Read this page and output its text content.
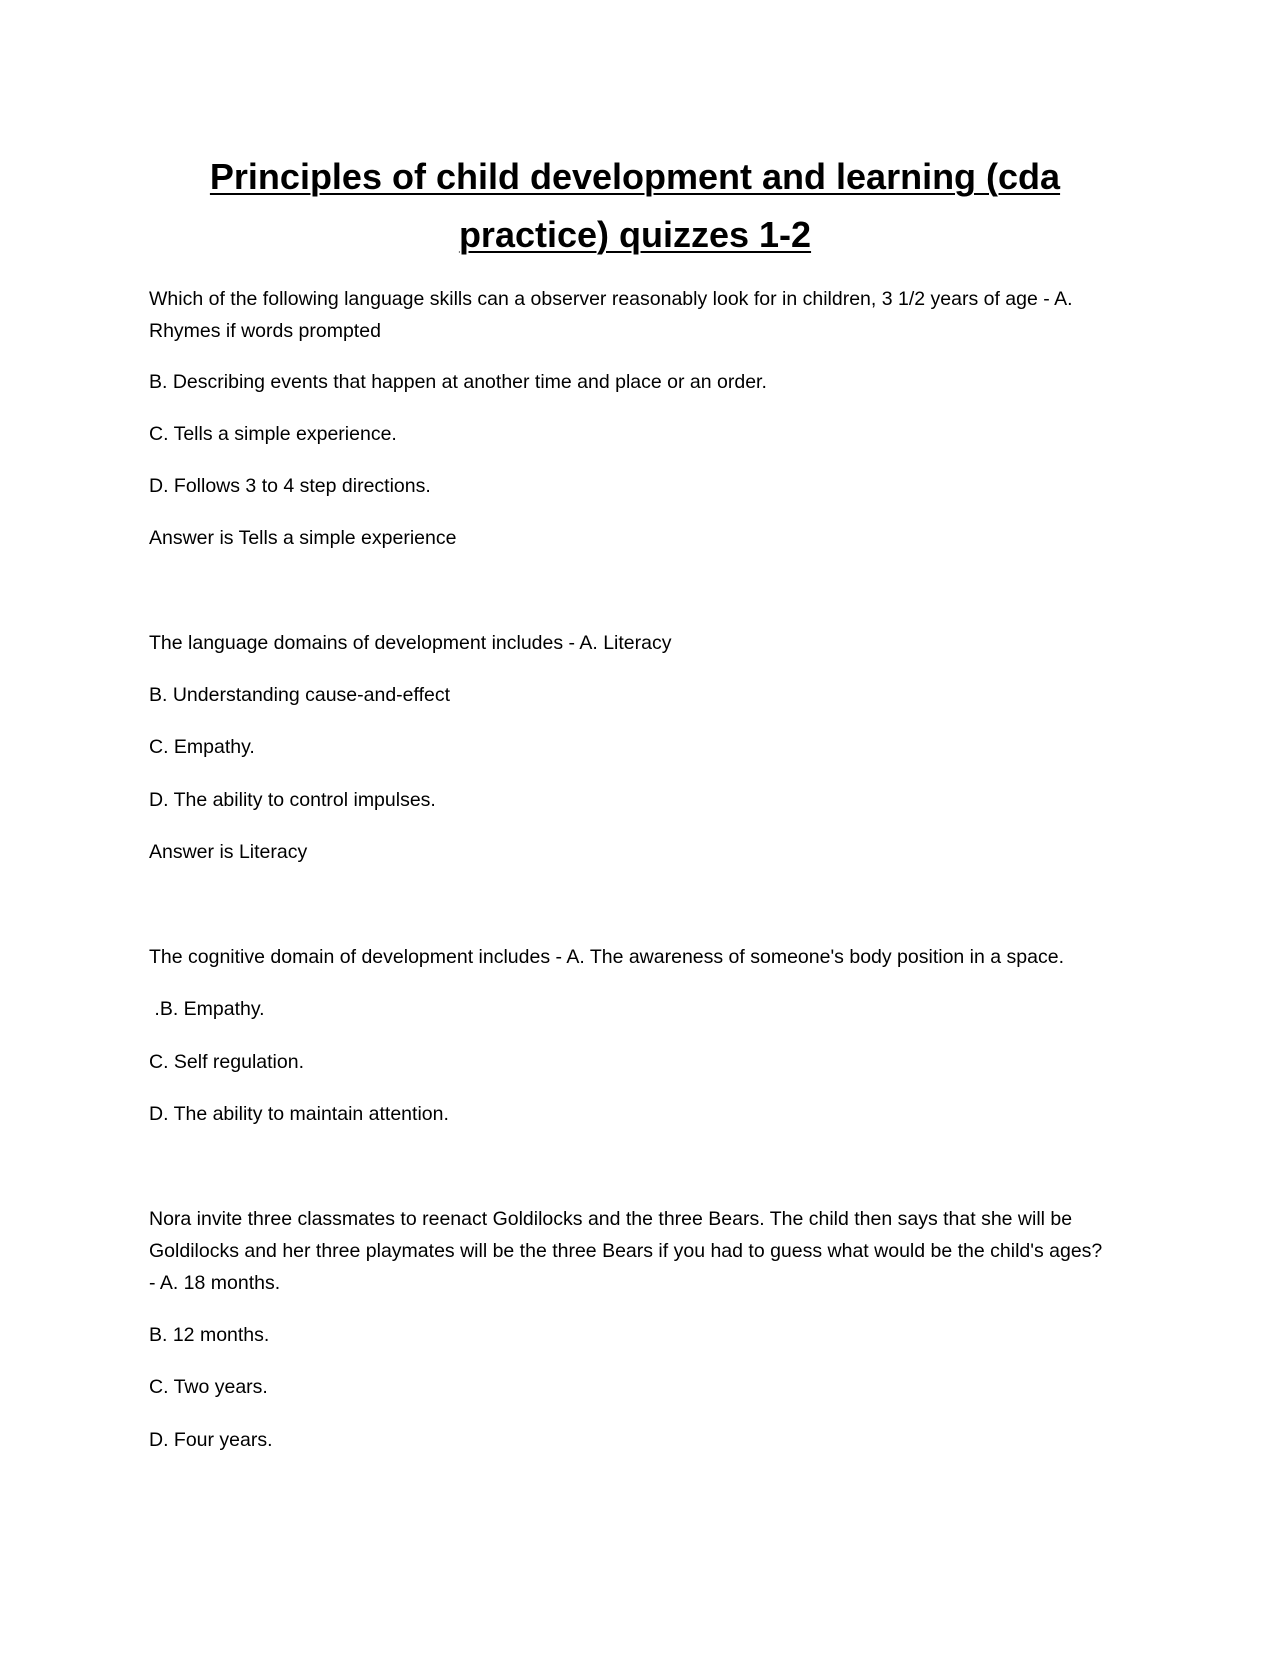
Principles of child development and learning (cda practice) quizzes 1-2

Which of the following language skills can a observer reasonably look for in children, 3 1/2 years of age - A. Rhymes if words prompted

B. Describing events that happen at another time and place or an order.

C. Tells a simple experience.

D. Follows 3 to 4 step directions.

Answer is Tells a simple experience

The language domains of development includes - A. Literacy

B. Understanding cause-and-effect

C. Empathy.

D. The ability to control impulses.

Answer is Literacy

The cognitive domain of development includes - A. The awareness of someone's body position in a space.

.B. Empathy.

C. Self regulation.

D. The ability to maintain attention.

Nora invite three classmates to reenact Goldilocks and the three Bears. The child then says that she will be Goldilocks and her three playmates will be the three Bears if you had to guess what would be the child's ages? - A. 18 months.

B. 12 months.

C. Two years.

D. Four years.
